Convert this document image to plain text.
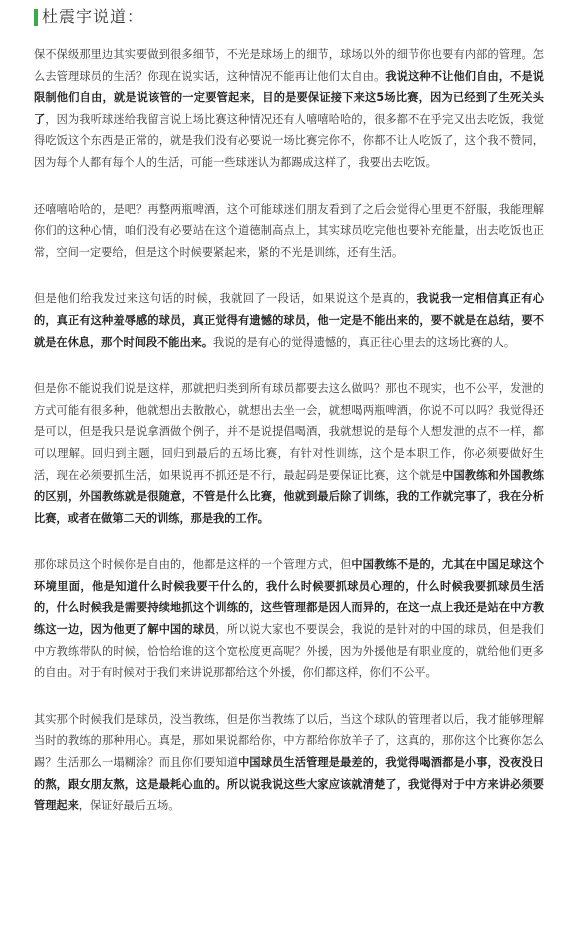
杜震宇说道：

保不保级那里边其实要做到很多细节，不光是球场上的细节，球场以外的细节你也要有内部的管理。怎么去管理球员的生活？你现在说实话，这种情况不能再让他们太自由。我说这种不让他们自由，不是说限制他们自由，就是说该管的一定要管起来，目的是要保证接下来这5场比赛，因为已经到了生死关头了，因为我听球迷给我留言说上场比赛这种情况还有人嘻嘻哈哈的，很多都不在乎完又出去吃饭，我觉得吃饭这个东西是正常的，就是我们没有必要说一场比赛完你不，你都不让人吃饭了，这个我不赞同，因为每个人都有每个人的生活，可能一些球迷认为都踢成这样了，我要出去吃饭。

还嘻嘻哈哈的，是吧？再整两瓶啤酒，这个可能球迷们朋友看到了之后会觉得心里更不舒服，我能理解你们的这种心情，咱们没有必要站在这个道德制高点上，其实球员吃完他也要补充能量，出去吃饭也正常，空间一定要给，但是这个时候要紧起来，紧的不光是训练，还有生活。

但是他们给我发过来这句话的时候，我就回了一段话，如果说这个是真的，我说我一定相信真正有心的，真正有这种羞辱感的球员，真正觉得有遗憾的球员，他一定是不能出来的，要不就是在总结，要不就是在休息，那个时间段不能出来。我说的是有心的觉得遗憾的，真正往心里去的这场比赛的人。

但是你不能说我们说是这样，那就把归类到所有球员都要去这么做吗？那也不现实，也不公平，发泄的方式可能有很多种，他就想出去散散心，就想出去坐一会，就想喝两瓶啤酒，你说不可以吗？我觉得还是可以，但是我只是说拿酒做个例子，并不是说提倡喝酒，我就想说的是每个人想发泄的点不一样，都可以理解。回归到主题，回归到最后的五场比赛，有针对性训练，这个是本职工作，你必须要做好生活，现在必须要抓生活，如果说再不抓还是不行，最起码是要保证比赛，这个就是中国教练和外国教练的区别，外国教练就是很随意，不管是什么比赛，他就到最后除了训练，我的工作就完事了，我在分析比赛，或者在做第二天的训练，那是我的工作。

那你球员这个时候你是自由的，他都是这样的一个管理方式，但中国教练不是的，尤其在中国足球这个环境里面，他是知道什么时候我要干什么的，我什么时候要抓球员心理的，什么时候我要抓球员生活的，什么时候我是需要持续地抓这个训练的，这些管理都是因人而异的，在这一点上我还是站在中方教练这一边，因为他更了解中国的球员，所以说大家也不要误会，我说的是针对的中国的球员，但是我们中方教练带队的时候，恰恰给谁的这个宽松度更高呢？外援，因为外援他是有职业度的，就给他们更多的自由。对于有时候对于我们来讲说那都给这个外援，你们都这样，你们不公平。

其实那个时候我们是球员，没当教练，但是你当教练了以后，当这个球队的管理者以后，我才能够理解当时的教练的那种用心。真是，那如果说都给你，中方都给你放羊子了，这真的，那你这个比赛你怎么踢？生活那么一塌糊涂？而且你们要知道中国球员生活管理是最差的，我觉得喝酒都是小事，没夜没日的熬，跟女朋友熬，这是最耗心血的。所以说我说这些大家应该就清楚了，我觉得对于中方来讲必须要管理起来，保证好最后五场。
